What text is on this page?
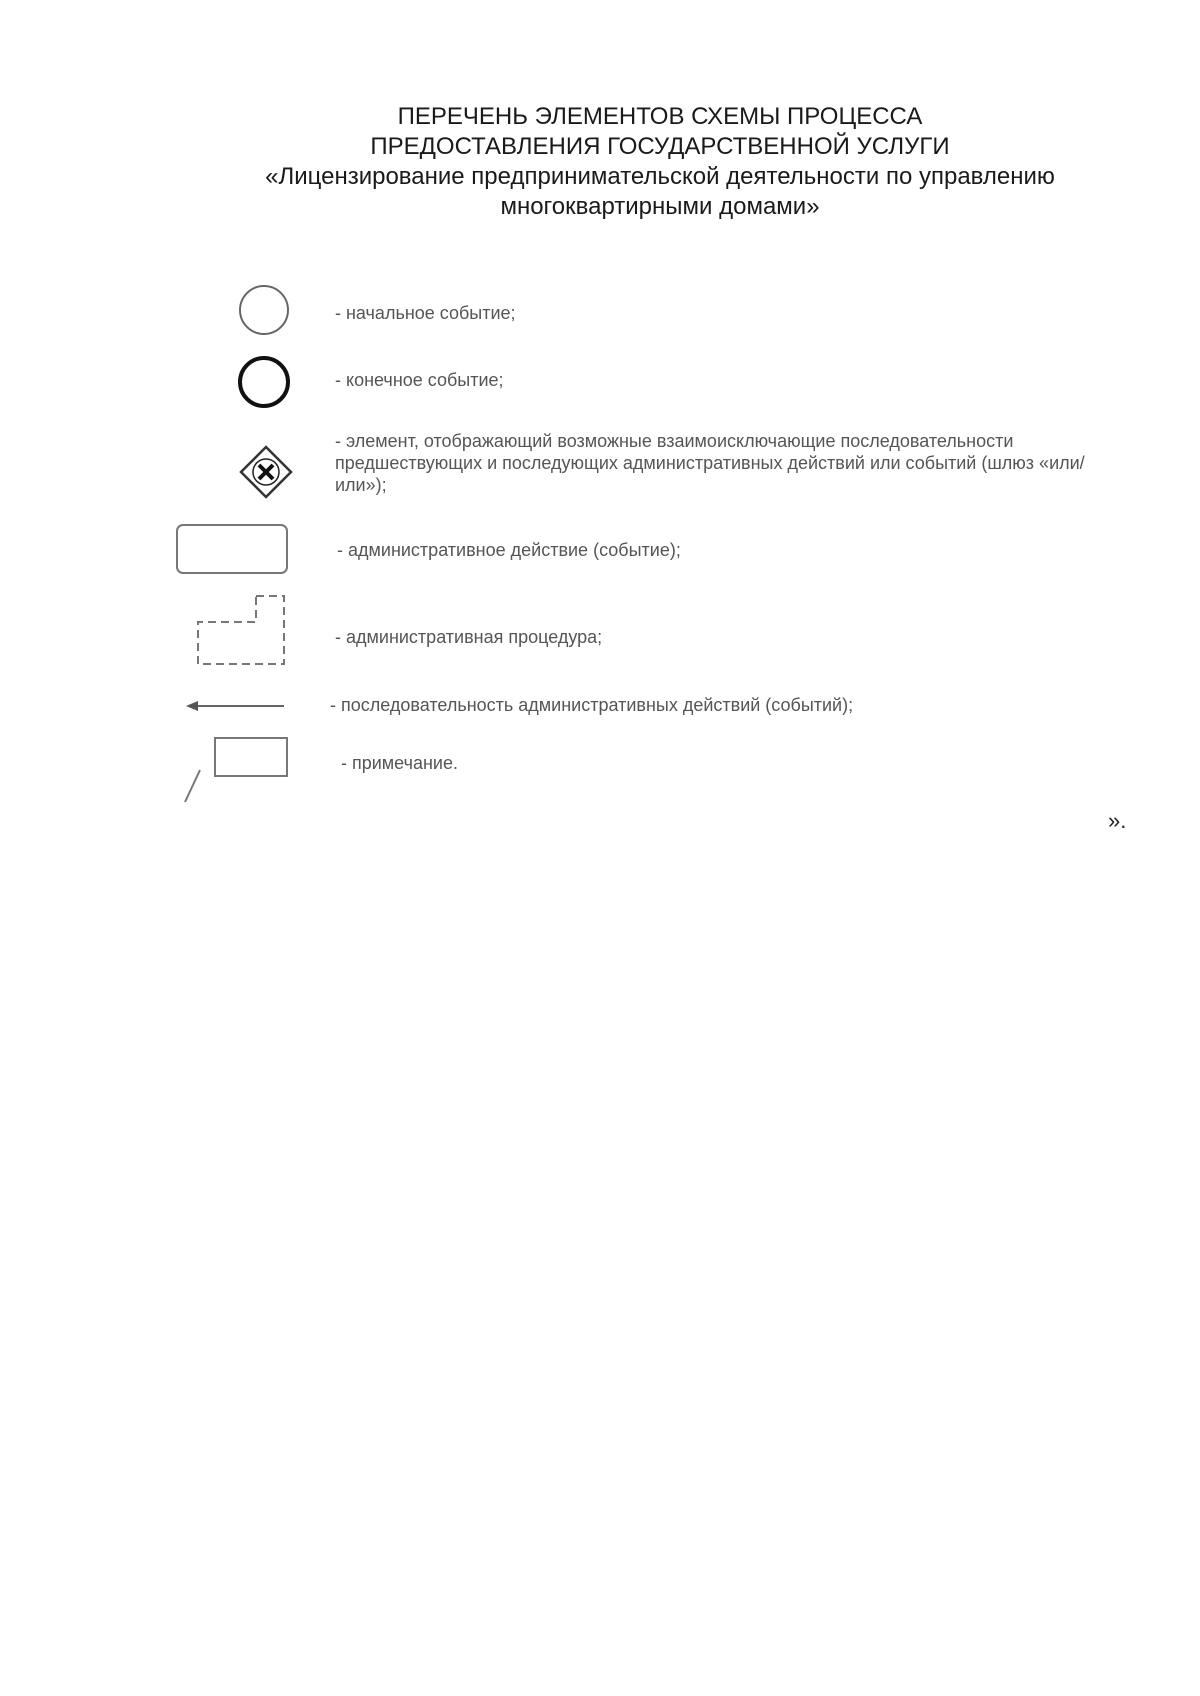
ПЕРЕЧЕНЬ ЭЛЕМЕНТОВ СХЕМЫ ПРОЦЕССА
ПРЕДОСТАВЛЕНИЯ ГОСУДАРСТВЕННОЙ УСЛУГИ
«Лицензирование предпринимательской деятельности по управлению
многоквартирными домами»
- начальное событие;
- конечное событие;
- элемент, отображающий возможные взаимоисключающие последовательности предшествующих и последующих административных действий или событий (шлюз «или/или»);
- административное действие (событие);
- административная процедура;
- последовательность административных действий (событий);
- примечание.
».
